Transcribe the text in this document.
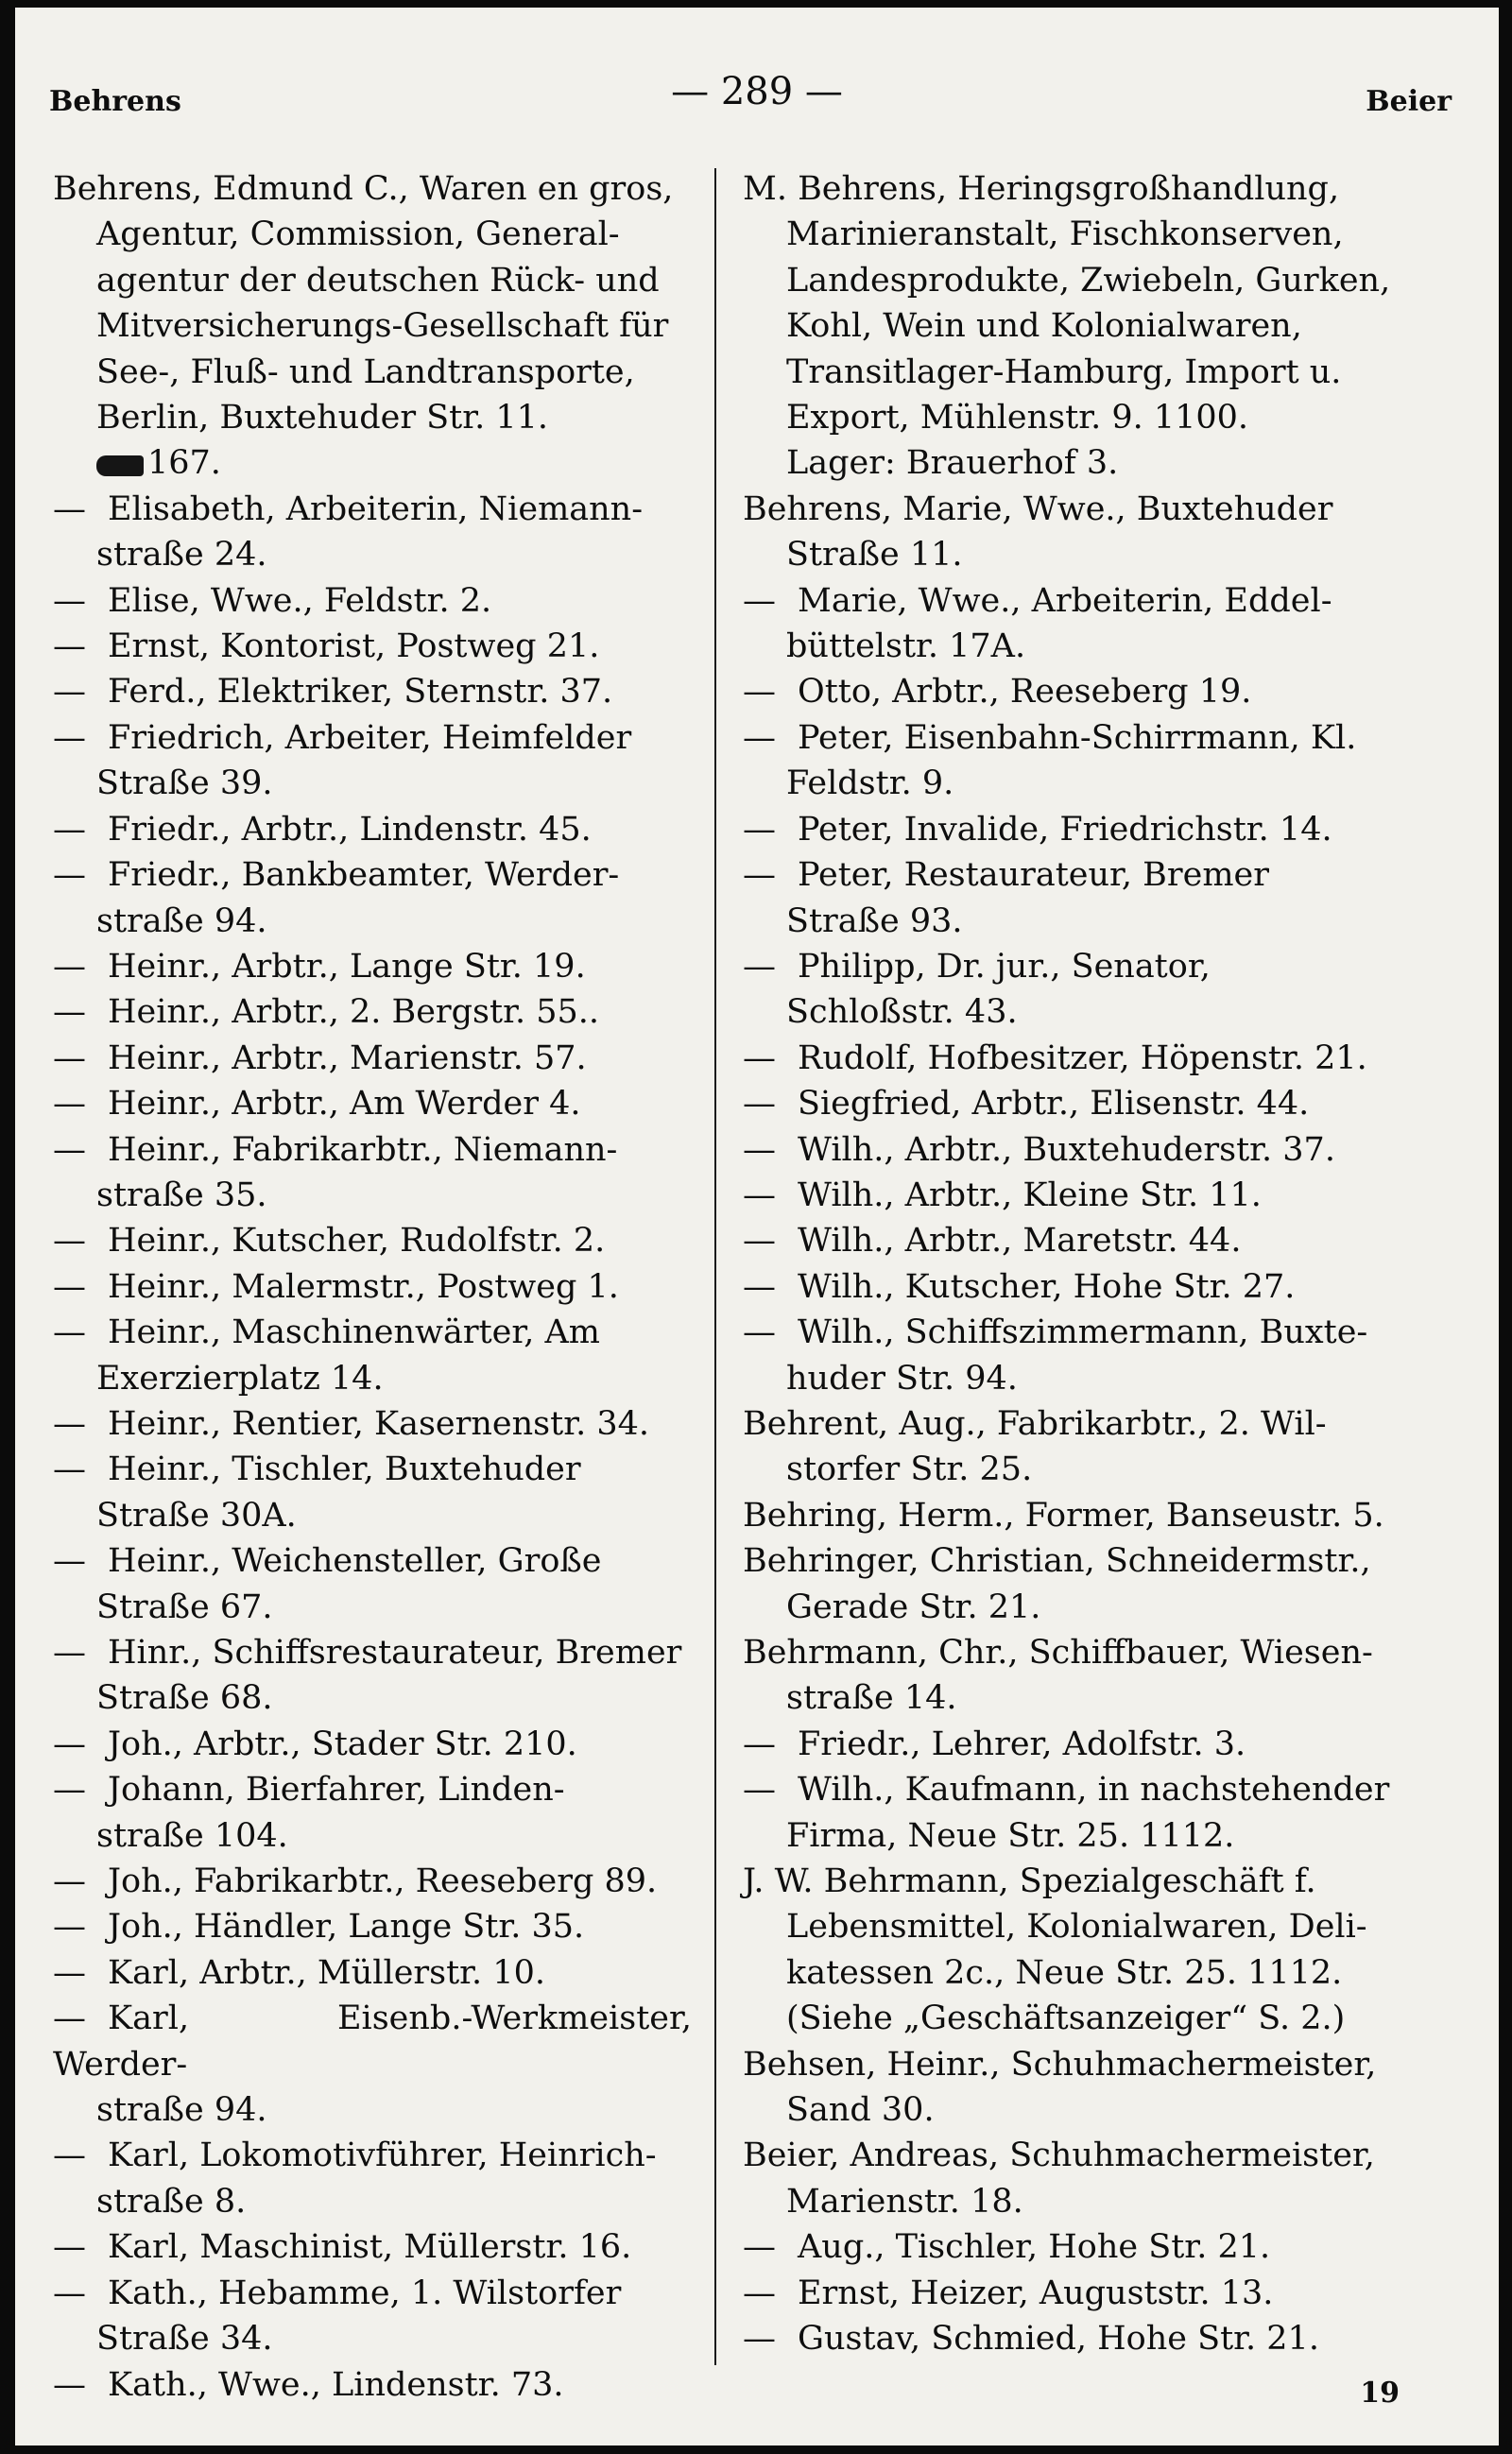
Behrens	— 289 —	Beier
Behrens, Edmund C., Waren en gros,
Agentur, Commission, General-
agentur der deutschen Rück- und
Mitversicherungs-Gesellschaft für
See-, Fluß- und Landtransporte,
Berlin, Buxtehuder Str. 11.
167.
— Elisabeth, Arbeiterin, Niemann-
straße 24.
— Elise, Wwe., Feldstr. 2.
— Ernst, Kontorist, Postweg 21.
— Ferd., Elektriker, Sternstr. 37.
— Friedrich, Arbeiter, Heimfelder
Straße 39.
— Friedr., Arbtr., Lindenstr. 45.
— Friedr., Bankbeamter, Werder-
straße 94.
— Heinr., Arbtr., Lange Str. 19.
— Heinr., Arbtr., 2. Bergstr. 55..
— Heinr., Arbtr., Marienstr. 57.
— Heinr., Arbtr., Am Werder 4.
— Heinr., Fabrikarbtr., Niemann-
straße 35.
— Heinr., Kutscher, Rudolfstr. 2.
— Heinr., Malermstr., Postweg 1.
— Heinr., Maschinenwärter, Am
Exerzierplatz 14.
— Heinr., Rentier, Kasernenstr. 34.
— Heinr., Tischler, Buxtehuder
Straße 30A.
— Heinr., Weichensteller, Große
Straße 67.
— Hinr., Schiffsrestaurateur, Bremer
Straße 68.
— Joh., Arbtr., Stader Str. 210.
— Johann, Bierfahrer, Linden-
straße 104.
— Joh., Fabrikarbtr., Reeseberg 89.
— Joh., Händler, Lange Str. 35.
— Karl, Arbtr., Müllerstr. 10.
— Karl, Eisenb.-Werkmeister, Werder-
straße 94.
— Karl, Lokomotivführer, Heinrich-
straße 8.
— Karl, Maschinist, Müllerstr. 16.
— Kath., Hebamme, 1. Wilstorfer
Straße 34.
— Kath., Wwe., Lindenstr. 73.
M. Behrens, Heringsgroßhandlung,
Marinieranstalt, Fischkonserven,
Landesprodukte, Zwiebeln, Gurken,
Kohl, Wein und Kolonialwaren,
Transitlager-Hamburg, Import u.
Export, Mühlenstr. 9. 1100.
Lager: Brauerhof 3.
Behrens, Marie, Wwe., Buxtehuder
Straße 11.
— Marie, Wwe., Arbeiterin, Eddel-
büttelstr. 17A.
— Otto, Arbtr., Reeseberg 19.
— Peter, Eisenbahn-Schirrmann, Kl.
Feldstr. 9.
— Peter, Invalide, Friedrichstr. 14.
— Peter, Restaurateur, Bremer
Straße 93.
— Philipp, Dr. jur., Senator,
Schloßstr. 43.
— Rudolf, Hofbesitzer, Höpenstr. 21.
— Siegfried, Arbtr., Elisenstr. 44.
— Wilh., Arbtr., Buxtehuderstr. 37.
— Wilh., Arbtr., Kleine Str. 11.
— Wilh., Arbtr., Maretstr. 44.
— Wilh., Kutscher, Hohe Str. 27.
— Wilh., Schiffszimmermann, Buxte-
huder Str. 94.
Behrent, Aug., Fabrikarbtr., 2. Wil-
storfer Str. 25.
Behring, Herm., Former, Banseustr. 5.
Behringer, Christian, Schneidermstr.,
Gerade Str. 21.
Behrmann, Chr., Schiffbauer, Wiesen-
straße 14.
— Friedr., Lehrer, Adolfstr. 3.
— Wilh., Kaufmann, in nachstehender
Firma, Neue Str. 25. 1112.
J. W. Behrmann, Spezialgeschäft f.
Lebensmittel, Kolonialwaren, Deli-
katessen 2c., Neue Str. 25. 1112.
(Siehe „Geschäftsanzeiger“ S. 2.)
Behsen, Heinr., Schuhmachermeister,
Sand 30.
Beier, Andreas, Schuhmachermeister,
Marienstr. 18.
— Aug., Tischler, Hohe Str. 21.
— Ernst, Heizer, Auguststr. 13.
— Gustav, Schmied, Hohe Str. 21.
19
